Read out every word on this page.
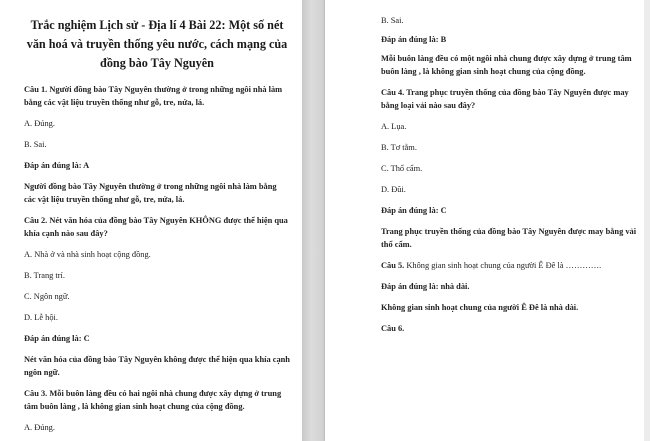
Trắc nghiệm Lịch sử - Địa lí 4 Bài 22: Một số nét văn hoá và truyền thống yêu nước, cách mạng của đồng bào Tây Nguyên

Câu 1. Người đồng bào Tây Nguyên thường ở trong những ngôi nhà làm bằng các vật liệu truyền thống như gỗ, tre, nứa, lá.

A. Đúng.

B. Sai.

Đáp án đúng là: A

Người đồng bào Tây Nguyên thường ở trong những ngôi nhà làm bằng các vật liệu truyền thống như gỗ, tre, nứa, lá.

Câu 2. Nét văn hóa của đồng bào Tây Nguyên KHÔNG được thể hiện qua khía cạnh nào sau đây?

A. Nhà ở và nhà sinh hoạt cộng đồng.

B. Trang trí.

C. Ngôn ngữ.

D. Lễ hội.

Đáp án đúng là: C

Nét văn hóa của đồng bào Tây Nguyên không được thể hiện qua khía cạnh ngôn ngữ.

Câu 3. Mỗi buôn làng đều có hai ngôi nhà chung được xây dựng ở trung tâm buôn làng , là không gian sinh hoạt chung của cộng đồng.

A. Đúng.

B. Sai.

Đáp án đúng là: B

Mỗi buôn làng đều có một ngôi nhà chung được xây dựng ở trung tâm buôn làng , là không gian sinh hoạt chung của cộng đồng.

Câu 4. Trang phục truyền thống của đồng bào Tây Nguyên được may bằng loại vải nào sau đây?

A. Lụa.

B. Tơ tằm.

C. Thổ cẩm.

D. Đũi.

Đáp án đúng là: C

Trang phục truyền thống của đồng bào Tây Nguyên được may bằng vải thổ cẩm.

Câu 5. Không gian sinh hoạt chung của người Ê Đê là ………….

Đáp án đúng là: nhà dài.

Không gian sinh hoạt chung của người Ê Đê là nhà dài.

Câu 6.
